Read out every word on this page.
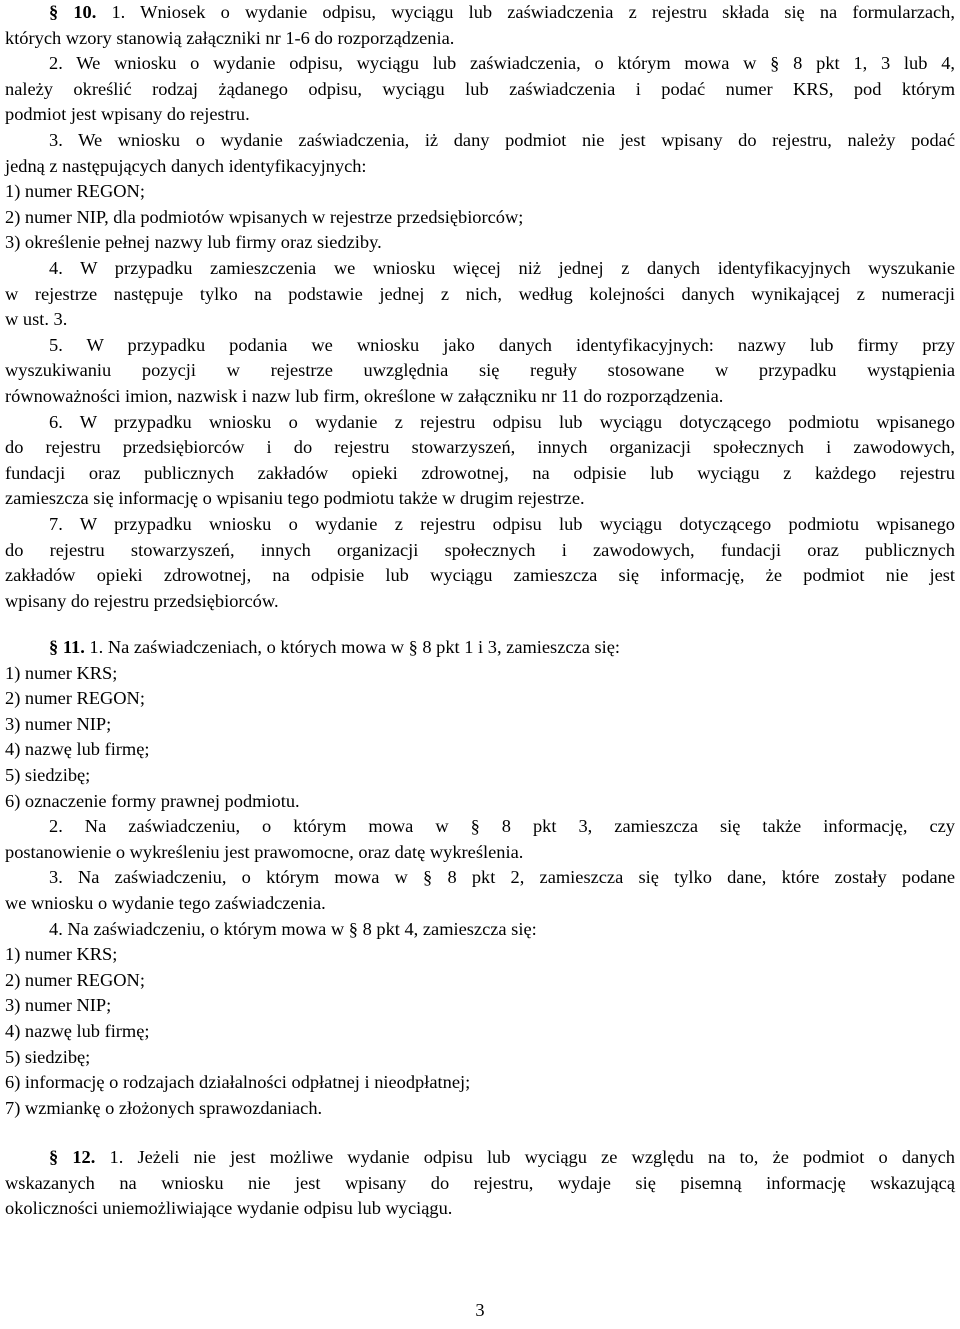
§ 10. 1. Wniosek o wydanie odpisu, wyciągu lub zaświadczenia z rejestru składa się na formularzach,
których wzory stanowią załączniki nr 1-6 do rozporządzenia.
2. We wniosku o wydanie odpisu, wyciągu lub zaświadczenia, o którym mowa w § 8 pkt 1, 3 lub 4,
należy określić rodzaj żądanego odpisu, wyciągu lub zaświadczenia i podać numer KRS, pod którym
podmiot jest wpisany do rejestru.
3. We wniosku o wydanie zaświadczenia, iż dany podmiot nie jest wpisany do rejestru, należy podać
jedną z następujących danych identyfikacyjnych:
1) numer REGON;
2) numer NIP, dla podmiotów wpisanych w rejestrze przedsiębiorców;
3) określenie pełnej nazwy lub firmy oraz siedziby.
4. W przypadku zamieszczenia we wniosku więcej niż jednej z danych identyfikacyjnych wyszukanie
w rejestrze następuje tylko na podstawie jednej z nich, według kolejności danych wynikającej z numeracji
w ust. 3.
5. W przypadku podania we wniosku jako danych identyfikacyjnych: nazwy lub firmy przy
wyszukiwaniu pozycji w rejestrze uwzględnia się reguły stosowane w przypadku wystąpienia
równoważności imion, nazwisk i nazw lub firm, określone w załączniku nr 11 do rozporządzenia.
6. W przypadku wniosku o wydanie z rejestru odpisu lub wyciągu dotyczącego podmiotu wpisanego
do rejestru przedsiębiorców i do rejestru stowarzyszeń, innych organizacji społecznych i zawodowych,
fundacji oraz publicznych zakładów opieki zdrowotnej, na odpisie lub wyciągu z każdego rejestru
zamieszcza się informację o wpisaniu tego podmiotu także w drugim rejestrze.
7. W przypadku wniosku o wydanie z rejestru odpisu lub wyciągu dotyczącego podmiotu wpisanego
do rejestru stowarzyszeń, innych organizacji społecznych i zawodowych, fundacji oraz publicznych
zakładów opieki zdrowotnej, na odpisie lub wyciągu zamieszcza się informację, że podmiot nie jest
wpisany do rejestru przedsiębiorców.
§ 11. 1. Na zaświadczeniach, o których mowa w § 8 pkt 1 i 3, zamieszcza się:
1) numer KRS;
2) numer REGON;
3) numer NIP;
4) nazwę lub firmę;
5) siedzibę;
6) oznaczenie formy prawnej podmiotu.
2. Na zaświadczeniu, o którym mowa w § 8 pkt 3, zamieszcza się także informację, czy
postanowienie o wykreśleniu jest prawomocne, oraz datę wykreślenia.
3. Na zaświadczeniu, o którym mowa w § 8 pkt 2, zamieszcza się tylko dane, które zostały podane
we wniosku o wydanie tego zaświadczenia.
4. Na zaświadczeniu, o którym mowa w § 8 pkt 4, zamieszcza się:
1) numer KRS;
2) numer REGON;
3) numer NIP;
4) nazwę lub firmę;
5) siedzibę;
6) informację o rodzajach działalności odpłatnej i nieodpłatnej;
7) wzmiankę o złożonych sprawozdaniach.
§ 12. 1. Jeżeli nie jest możliwe wydanie odpisu lub wyciągu ze względu na to, że podmiot o danych
wskazanych na wniosku nie jest wpisany do rejestru, wydaje się pisemną informację wskazującą
okoliczności uniemożliwiające wydanie odpisu lub wyciągu.
3
